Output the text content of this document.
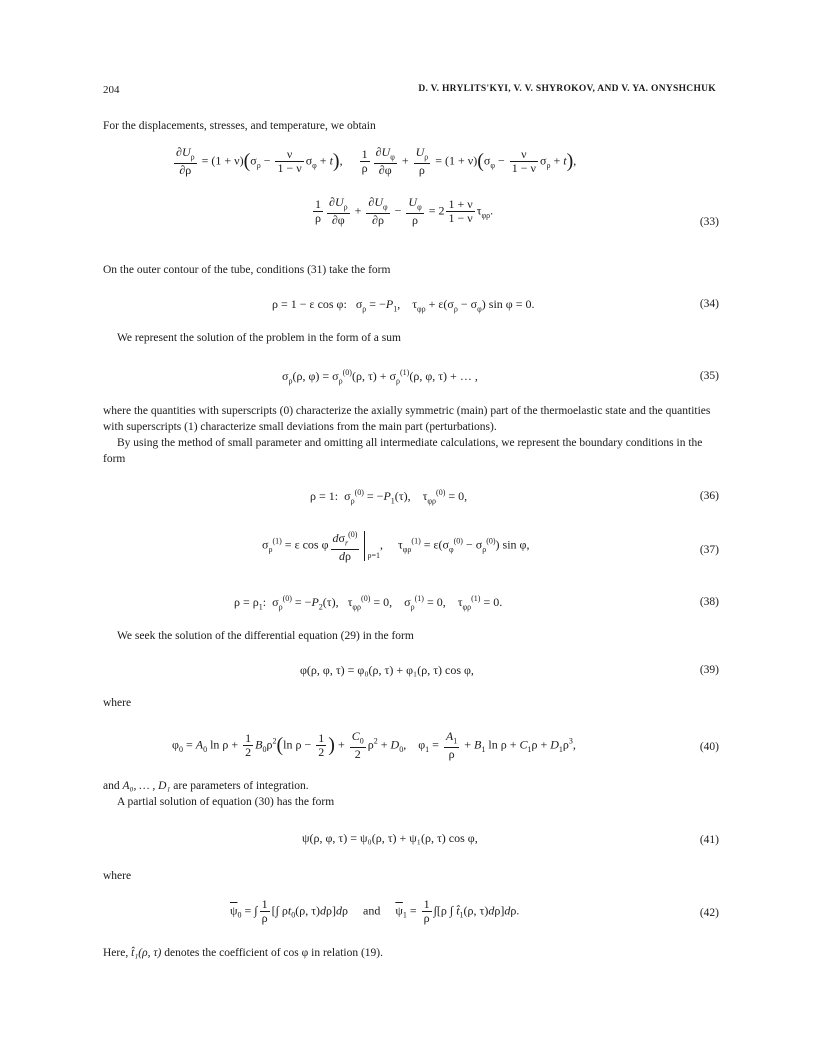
204	D. V. HRYLITS'KYI, V. V. SHYROKOV, AND V. YA. ONYSHCHUK
For the displacements, stresses, and temperature, we obtain
$\frac{\partial U_\rho}{\partial\rho} = (1 + \nu)(\sigma_\rho - \frac{\nu}{1 - \nu} \sigma_\varphi + t)$, $\frac{1}{\rho} \frac{\partial U_\varphi}{\partial\varphi} + \frac{U_\rho}{\rho} = (1 + \nu)(\sigma_\varphi - \frac{\nu}{1 - \nu} \sigma_\rho + t)$,
$\frac{1}{\rho} \frac{\partial U_\rho}{\partial\varphi} + \frac{\partial U_\varphi}{\partial\rho} - \frac{U_\varphi}{\rho} = 2 \frac{1 + \nu}{1 - \nu} \tau_{\varphi\rho}$.
(33)
On the outer contour of the tube, conditions (31) take the form
ρ = 1 − ε cos φ:   $\sigma_\rho = -P_1$,    $\tau_{\varphi\rho} + \varepsilon(\sigma_\rho - \sigma_\varphi)$ sin φ = 0.	(34)
We represent the solution of the problem in the form of a sum
$\sigma_\rho(\rho$, $\varphi) = \sigma_\rho^{(0)}(\rho$, $\tau) + \sigma_\rho^{(1)}(\rho$, φ, τ) + … ,	(35)
where the quantities with superscripts (0) characterize the axially symmetric (main) part of the thermoelastic state and the quantities with superscripts (1) characterize small deviations from the main part (perturbations).
By using the method of small parameter and omitting all intermediate calculations, we represent the boundary conditions in the form
ρ = 1:  $\sigma_\rho^{(0)} = -P_1(\tau)$,    $\tau_{\varphi\rho}^{(0)} = 0$,	(36)
$\sigma_\rho^{(1)} = \varepsilon$ cos φ $\frac{d\sigma_r^{(0)}}{d\rho} \rho=1$,     $\tau_{\varphi\rho}^{(1)} = \varepsilon(\sigma_\varphi^{(0)} - \sigma_\rho^{(0)})$ sin φ,	(37)
$\rho = \rho_1$:  $\sigma_\rho^{(0)} = -P_2(\tau)$,   $\tau_{\varphi\rho}^{(0)} = 0$,    $\sigma_\rho^{(1)} = 0$,    $\tau_{\varphi\rho}^{(1)} = 0$.	(38)
We seek the solution of the differential equation (29) in the form
φ(ρ, φ, τ) = φ₀(ρ, τ) + φ₁(ρ, τ) cos φ,	(39)
where
$\varphi_0 = A_0$ $\ln \rho + \frac{1}{2} B_0\rho^2(\ln$ $\rho - \frac{1}{2}$ ) + $\frac{C_0}{2} \rho^2 + D_0$,    $\varphi_1 = \frac{A_1}{\rho} + B_1$ $\ln \rho + C_1\rho + D_1\rho^3$,	(40)
and A₀, … , D₁ are parameters of integration.
A partial solution of equation (30) has the form
ψ(ρ, φ, τ) = ψ₀(ρ, τ) + ψ₁(ρ, τ) cos φ,	(41)
where
$\overline{\psi}_0$ = ∫ $\frac{1}{\rho}$ [∫ $\rho t_0(\rho$, τ)dρ]dρ     and     $\overline{\psi}_1 = \frac{1}{\rho} \int[\rho$ ∫ $t̂_1(\rho$, τ)dρ]dρ.	(42)
Here, t̂₁(ρ, τ) denotes the coefficient of cos φ in relation (19).
